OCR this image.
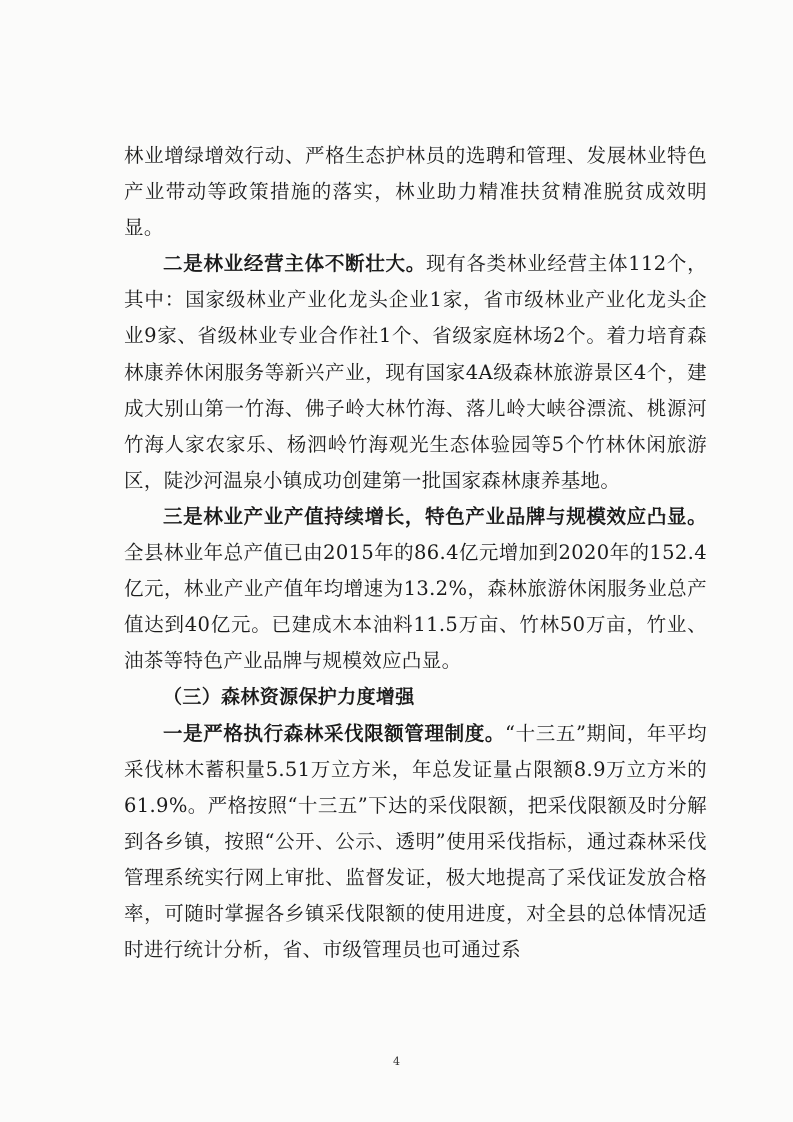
林业增绿增效行动、严格生态护林员的选聘和管理、发展林业特色产业带动等政策措施的落实，林业助力精准扶贫精准脱贫成效明显。

二是林业经营主体不断壮大。现有各类林业经营主体112个，其中：国家级林业产业化龙头企业1家，省市级林业产业化龙头企业9家、省级林业专业合作社1个、省级家庭林场2个。着力培育森林康养休闲服务等新兴产业，现有国家4A级森林旅游景区4个，建成大别山第一竹海、佛子岭大林竹海、落儿岭大峡谷漂流、桃源河竹海人家农家乐、杨泗岭竹海观光生态体验园等5个竹林休闲旅游区，陡沙河温泉小镇成功创建第一批国家森林康养基地。

三是林业产业产值持续增长，特色产业品牌与规模效应凸显。全县林业年总产值已由2015年的86.4亿元增加到2020年的152.4亿元，林业产业产值年均增速为13.2%，森林旅游休闲服务业总产值达到40亿元。已建成木本油料11.5万亩、竹林50万亩，竹业、油茶等特色产业品牌与规模效应凸显。

（三）森林资源保护力度增强

一是严格执行森林采伐限额管理制度。“十三五”期间，年平均采伐林木蓄积量5.51万立方米，年总发证量占限额8.9万立方米的61.9%。严格按照“十三五”下达的采伐限额，把采伐限额及时分解到各乡镇，按照“公开、公示、透明”使用采伐指标，通过森林采伐管理系统实行网上审批、监督发证，极大地提高了采伐证发放合格率，可随时掌握各乡镇采伐限额的使用进度，对全县的总体情况适时进行统计分析，省、市级管理员也可通过系

4
